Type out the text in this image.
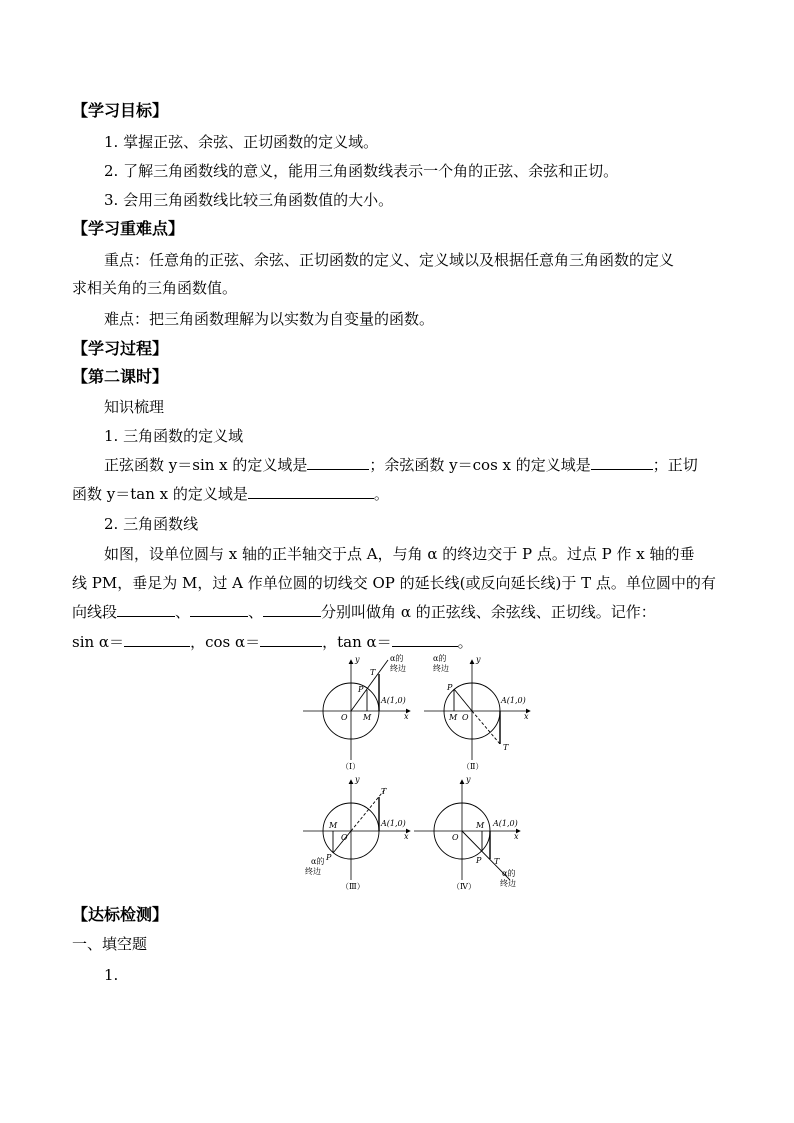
【学习目标】
1. 掌握正弦、余弦、正切函数的定义域。
2. 了解三角函数线的意义，能用三角函数线表示一个角的正弦、余弦和正切。
3. 会用三角函数线比较三角函数值的大小。
【学习重难点】
重点：任意角的正弦、余弦、正切函数的定义、定义域以及根据任意角三角函数的定义
求相关角的三角函数值。
难点：把三角函数理解为以实数为自变量的函数。
【学习过程】
【第二课时】
知识梳理
1. 三角函数的定义域
正弦函数 y＝sin x 的定义域是	；余弦函数 y＝cos x 的定义域是	；正切
函数 y＝tan x 的定义域是	。
2. 三角函数线
如图，设单位圆与 x 轴的正半轴交于点 A，与角 α 的终边交于 P 点。过点 P 作 x 轴的垂
线 PM，垂足为 M，过 A 作单位圆的切线交 OP 的延长线(或反向延长线)于 T 点。单位圆中的有
向线段	、	、	分别叫做角 α 的正弦线、余弦线、正切线。记作：
sin α＝	，cos α＝	，tan α＝	。
y
x
O M
P
T
A(1,0)
α的
终边
（Ⅰ）
y
x
O
M
P
T
A(1,0)
α的
终边
（Ⅱ）
y
x
O
M
P
T
A(1,0)
α的
终边
（Ⅲ）
y
x
O
M
P T
A(1,0)
α的
终边
（Ⅳ）
【达标检测】
一、填空题
1.
